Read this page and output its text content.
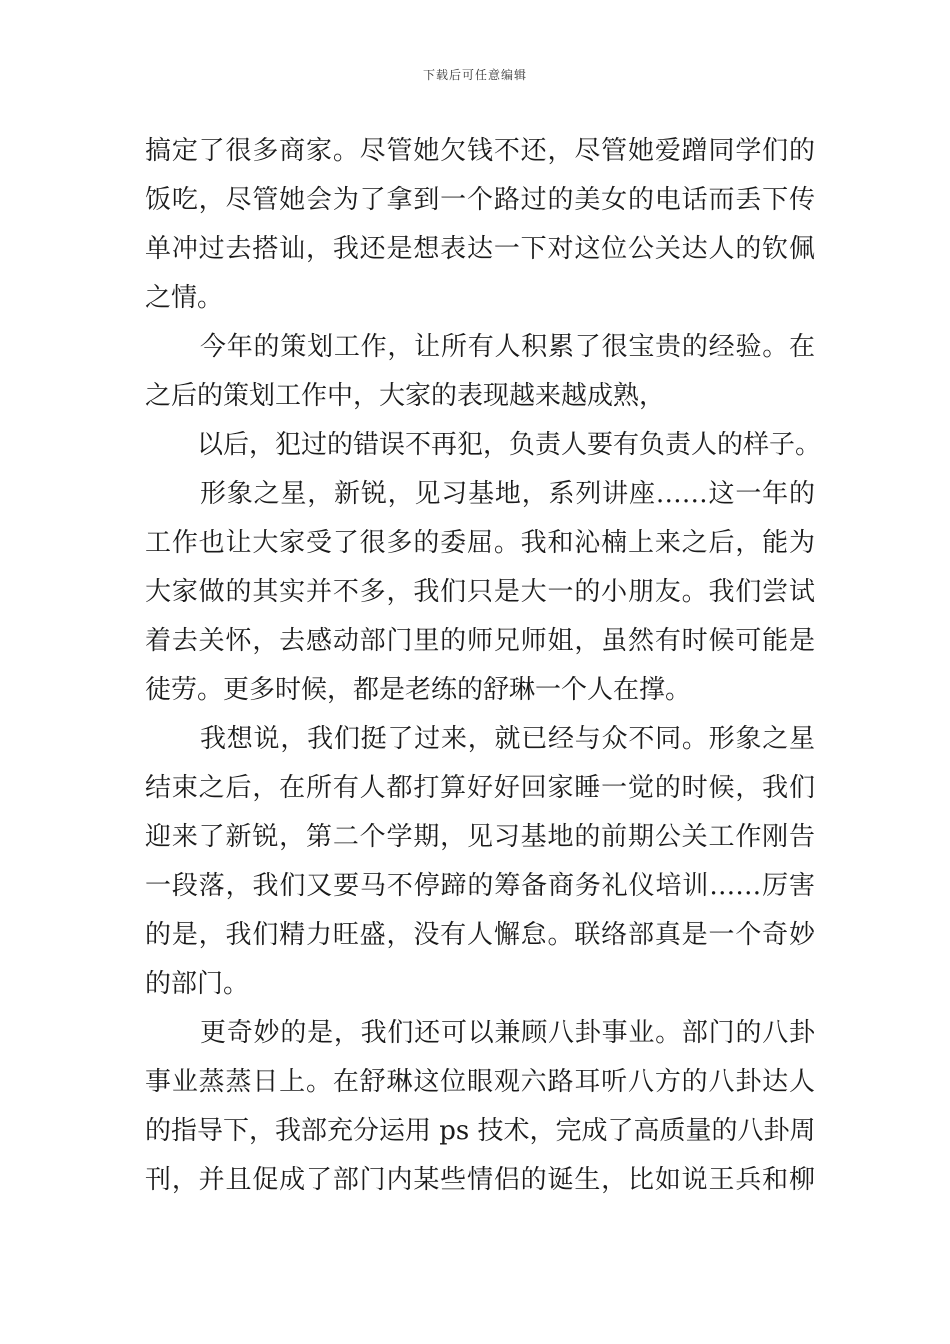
下载后可任意编辑
搞定了很多商家。尽管她欠钱不还，尽管她爱蹭同学们的
饭吃，尽管她会为了拿到一个路过的美女的电话而丢下传
单冲过去搭讪，我还是想表达一下对这位公关达人的钦佩
之情。
今年的策划工作，让所有人积累了很宝贵的经验。在
之后的策划工作中，大家的表现越来越成熟，
以后，犯过的错误不再犯，负责人要有负责人的样子。
形象之星，新锐，见习基地，系列讲座……这一年的
工作也让大家受了很多的委屈。我和沁楠上来之后，能为
大家做的其实并不多，我们只是大一的小朋友。我们尝试
着去关怀，去感动部门里的师兄师姐，虽然有时候可能是
徒劳。更多时候，都是老练的舒琳一个人在撑。
我想说，我们挺了过来，就已经与众不同。形象之星
结束之后，在所有人都打算好好回家睡一觉的时候，我们
迎来了新锐，第二个学期，见习基地的前期公关工作刚告
一段落，我们又要马不停蹄的筹备商务礼仪培训……厉害
的是，我们精力旺盛，没有人懈怠。联络部真是一个奇妙
的部门。
更奇妙的是，我们还可以兼顾八卦事业。部门的八卦
事业蒸蒸日上。在舒琳这位眼观六路耳听八方的八卦达人
的指导下，我部充分运用 ps 技术，完成了高质量的八卦周
刊，并且促成了部门内某些情侣的诞生，比如说王兵和柳
